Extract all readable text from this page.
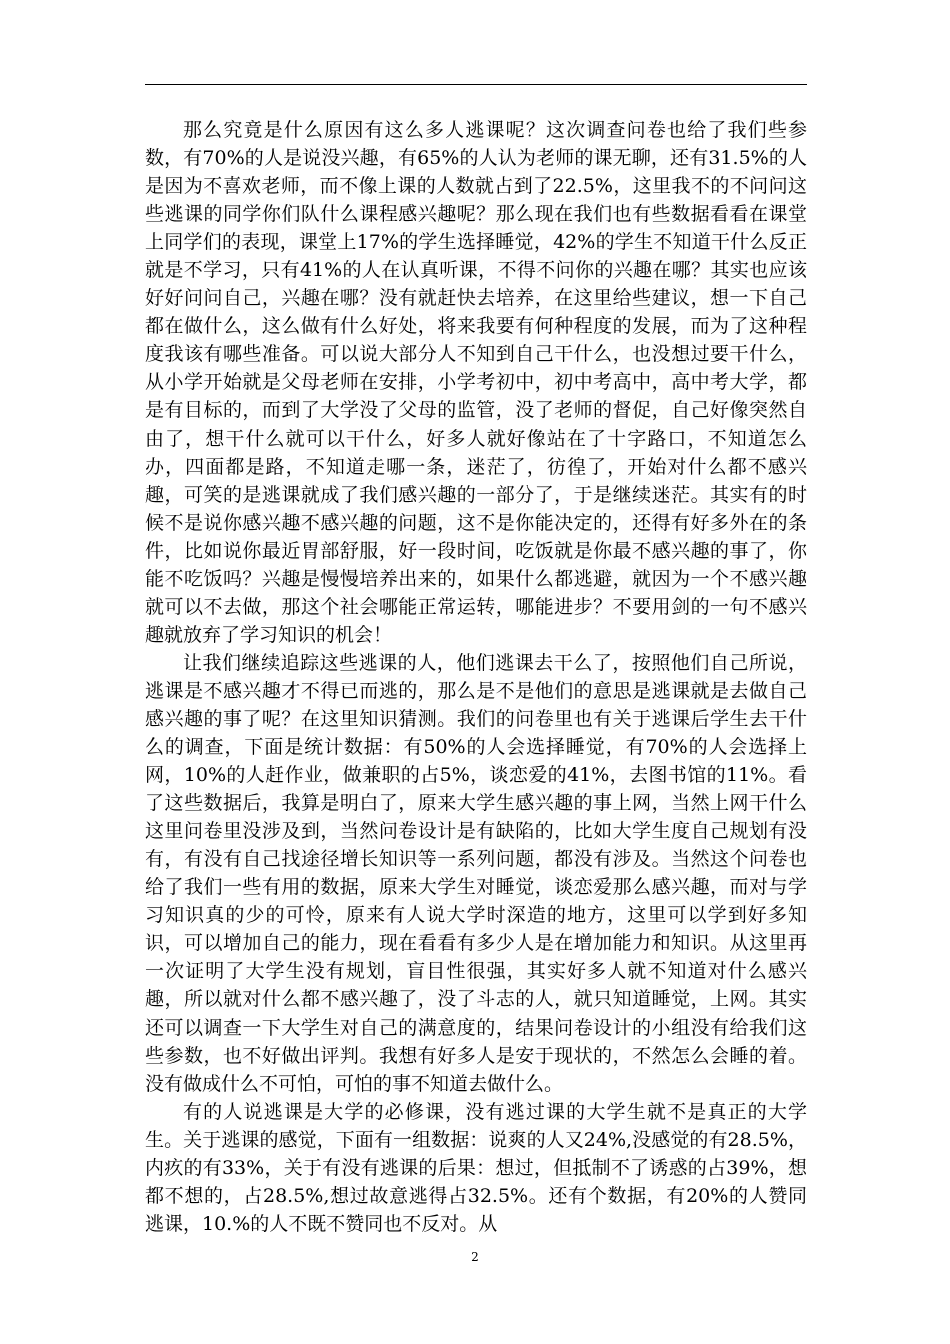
那么究竟是什么原因有这么多人逃课呢？这次调查问卷也给了我们些参数，有70%的人是说没兴趣，有65%的人认为老师的课无聊，还有31.5%的人是因为不喜欢老师，而不像上课的人数就占到了22.5%，这里我不的不问问这些逃课的同学你们队什么课程感兴趣呢？那么现在我们也有些数据看看在课堂上同学们的表现，课堂上17%的学生选择睡觉，42%的学生不知道干什么反正就是不学习，只有41%的人在认真听课，不得不问你的兴趣在哪？其实也应该好好问问自己，兴趣在哪？没有就赶快去培养，在这里给些建议，想一下自己都在做什么，这么做有什么好处，将来我要有何种程度的发展，而为了这种程度我该有哪些准备。可以说大部分人不知到自己干什么，也没想过要干什么，从小学开始就是父母老师在安排，小学考初中，初中考高中，高中考大学，都是有目标的，而到了大学没了父母的监管，没了老师的督促，自己好像突然自由了，想干什么就可以干什么，好多人就好像站在了十字路口，不知道怎么办，四面都是路，不知道走哪一条，迷茫了，彷徨了，开始对什么都不感兴趣，可笑的是逃课就成了我们感兴趣的一部分了，于是继续迷茫。其实有的时候不是说你感兴趣不感兴趣的问题，这不是你能决定的，还得有好多外在的条件，比如说你最近胃部舒服，好一段时间，吃饭就是你最不感兴趣的事了，你能不吃饭吗？兴趣是慢慢培养出来的，如果什么都逃避，就因为一个不感兴趣就可以不去做，那这个社会哪能正常运转，哪能进步？不要用剑的一句不感兴趣就放弃了学习知识的机会！

让我们继续追踪这些逃课的人，他们逃课去干么了，按照他们自己所说，逃课是不感兴趣才不得已而逃的，那么是不是他们的意思是逃课就是去做自己感兴趣的事了呢？在这里知识猜测。我们的问卷里也有关于逃课后学生去干什么的调查，下面是统计数据：有50%的人会选择睡觉，有70%的人会选择上网，10%的人赶作业，做兼职的占5%，谈恋爱的41%，去图书馆的11%。看了这些数据后，我算是明白了，原来大学生感兴趣的事上网，当然上网干什么这里问卷里没涉及到，当然问卷设计是有缺陷的，比如大学生度自己规划有没有，有没有自己找途径增长知识等一系列问题，都没有涉及。当然这个问卷也给了我们一些有用的数据，原来大学生对睡觉，谈恋爱那么感兴趣，而对与学习知识真的少的可怜，原来有人说大学时深造的地方，这里可以学到好多知识，可以增加自己的能力，现在看看有多少人是在增加能力和知识。从这里再一次证明了大学生没有规划，盲目性很强，其实好多人就不知道对什么感兴趣，所以就对什么都不感兴趣了，没了斗志的人，就只知道睡觉，上网。其实还可以调查一下大学生对自己的满意度的，结果问卷设计的小组没有给我们这些参数，也不好做出评判。我想有好多人是安于现状的，不然怎么会睡的着。没有做成什么不可怕，可怕的事不知道去做什么。

有的人说逃课是大学的必修课，没有逃过课的大学生就不是真正的大学生。关于逃课的感觉，下面有一组数据：说爽的人又24%,没感觉的有28.5%，内疚的有33%，关于有没有逃课的后果：想过，但抵制不了诱惑的占39%，想都不想的，占28.5%,想过故意逃得占32.5%。还有个数据，有20%的人赞同逃课，10.%的人不既不赞同也不反对。从

2
